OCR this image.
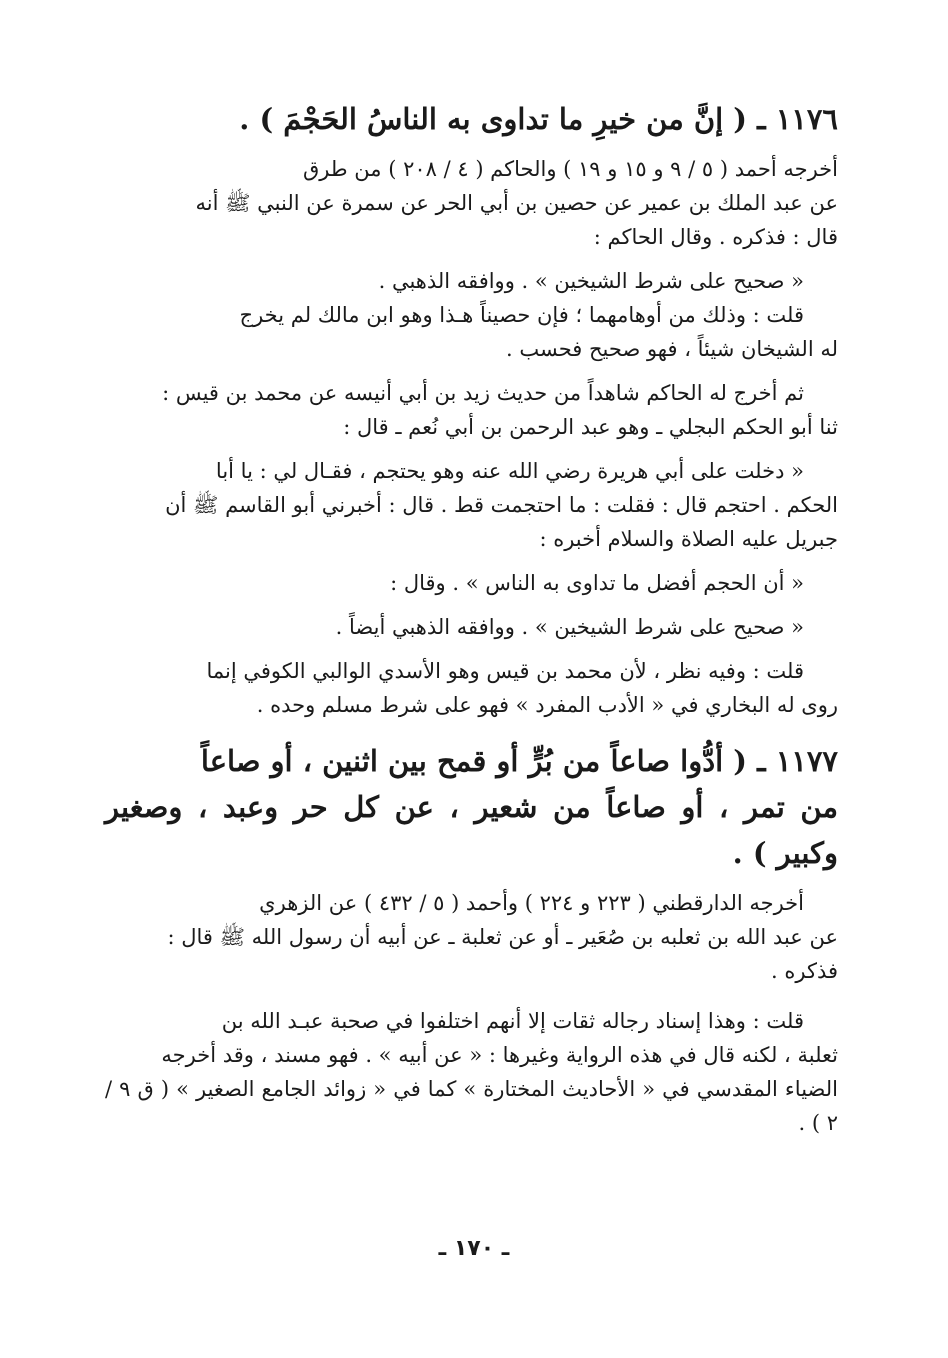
١١٧٦ ـ ( إنَّ من خيرِ ما تداوى به الناسُ الحَجْمَ ) .

أخرجه أحمد ( ٥ / ٩ و ١٥ و ١٩ ) والحاكم ( ٤ / ٢٠٨ ) من طرق

عن عبد الملك بن عمير عن حصين بن أبي الحر عن سمرة عن النبي ﷺ أنه

قال : فذكره . وقال الحاكم :

« صحيح على شرط الشيخين » . ووافقه الذهبي .

قلت : وذلك من أوهامهما ؛ فإن حصيناً هـذا وهو ابن مالك لم يخرج

له الشيخان شيئاً ، فهو صحيح فحسب .

ثم أخرج له الحاكم شاهداً من حديث زيد بن أبي أنيسه عن محمد بن قيس :

ثنا أبو الحكم البجلي ـ وهو عبد الرحمن بن أبي نُعم ـ قال :

« دخلت على أبي هريرة رضي الله عنه وهو يحتجم ، فقـال لي : يا أبا

الحكم . احتجم قال : فقلت : ما احتجمت قط . قال : أخبرني أبو القاسم ﷺ أن

جبريل عليه الصلاة والسلام أخبره :

« أن الحجم أفضل ما تداوى به الناس » . وقال :

« صحيح على شرط الشيخين » . ووافقه الذهبي أيضاً .

قلت : وفيه نظر ، لأن محمد بن قيس وهو الأسدي الوالبي الكوفي إنما

روى له البخاري في « الأدب المفرد » فهو على شرط مسلم وحده .

١١٧٧ ـ ( أدُّوا صاعاً من بُرٍّ أو قمح بين اثنين ، أو صاعاً

من تمر ، أو صاعاً من شعير ، عن كل حر وعبد ، وصغير وكبير ) .

أخرجه الدارقطني ( ٢٢٣ و ٢٢٤ ) وأحمد ( ٥ / ٤٣٢ ) عن الزهري

عن عبد الله بن ثعلبه بن صُعَير ـ أو عن ثعلبة ـ عن أبيه أن رسول الله ﷺ قال :

فذكره .

قلت : وهذا إسناد رجاله ثقات إلا أنهم اختلفوا في صحبة عبـد الله بن

ثعلبة ، لكنه قال في هذه الرواية وغيرها : « عن أبيه » . فهو مسند ، وقد أخرجه

الضياء المقدسي في « الأحاديث المختارة » كما في « زوائد الجامع الصغير » ( ق ٩ / ٢ ) .

ـ ١٧٠ ـ
